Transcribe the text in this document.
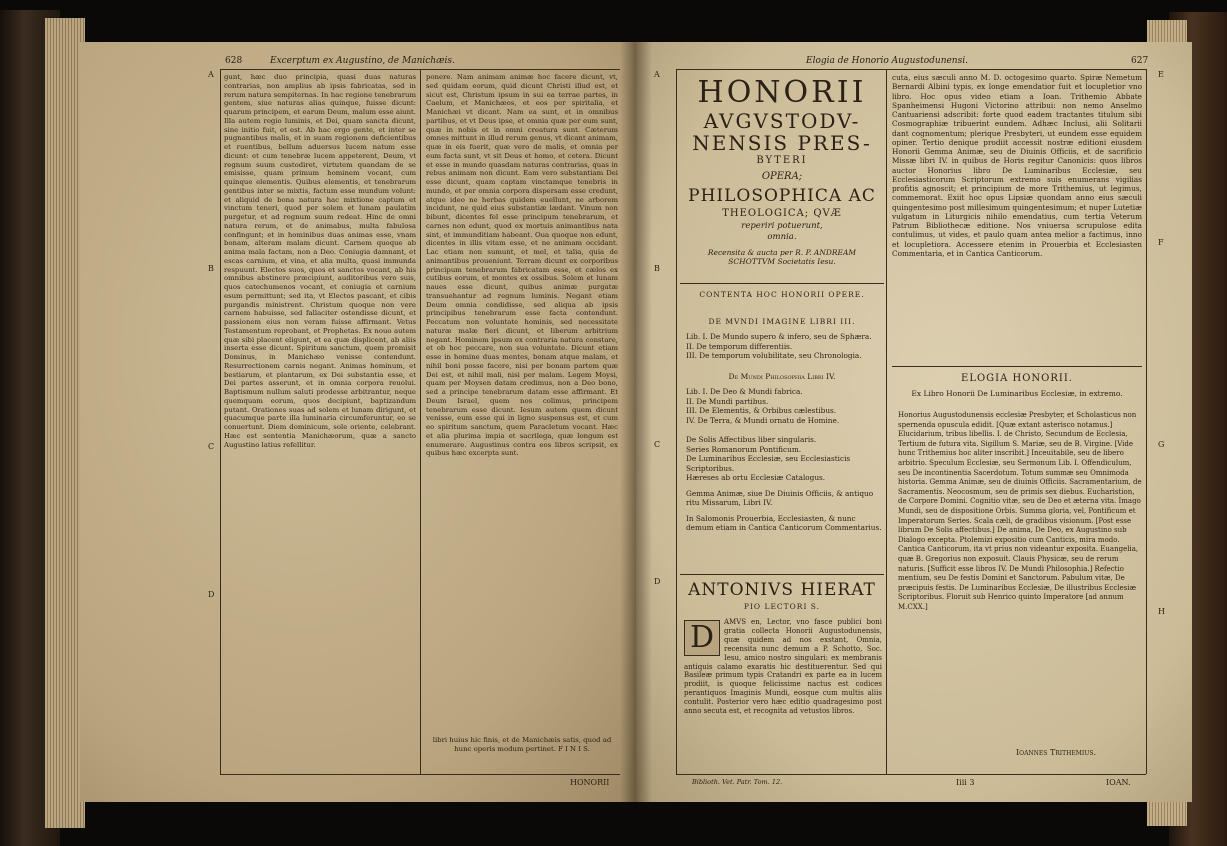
628	Excerptum ex Augustino, de Manichæis.
A
B
C
D

gunt, hæc duo principia, quasi duas naturas contrarias, non amplius ab ipsis fabricatas, sed in rerum natura sempiternas. In hac regione tenebrarum gentem, siue naturas alias quinque, fuisse dicunt: quarum principem, et earum Deum, malum esse aiunt. Illa autem regio luminis, et Dei, quam sancta dicunt, sine initio fuit, et est. Ab hac ergo gente, et inter se pugnantibus malis, et in suam regionem deficientibus et ruentibus, bellum aduersus lucem natum esse dicunt: et cum tenebræ lucem appeterent, Deum, vt regnum suum custodiret, virtutem quandam de se emisisse, quam primum hominem vocant, cum quinque elementis. Quibus elementis, et tenebrarum gentibus inter se mixtis, factum esse mundum volunt: et aliquid de bona natura hac mixtione captum et vinctum teneri, quod per solem et lunam paulatim purgetur, et ad regnum suum redeat. Hinc de omni natura rerum, et de animabus, multa fabulosa confingunt; et in hominibus duas animas esse, vnam bonam, alteram malam dicunt. Carnem quoque ab anima mala factam, non a Deo. Coniugia damnant, et escas carnium, et vina, et alia multa, quasi immunda respuunt. Electos suos, quos et sanctos vocant, ab his omnibus abstinere præcipiunt, auditoribus vero suis, quos catechumenos vocant, et coniugia et carnium esum permittunt; sed ita, vt Electos pascant, et cibis purgandis ministrent. Christum quoque non vere carnem habuisse, sed fallaciter ostendisse dicunt, et passionem eius non veram fuisse affirmant. Vetus Testamentum reprobant, et Prophetas. Ex nouo autem quæ sibi placent eligunt, et ea quæ displicent, ab aliis inserta esse dicunt. Spiritum sanctum, quem promisit Dominus, in Manichæo venisse contendunt. Resurrectionem carnis negant. Animas hominum, et bestiarum, et plantarum, ex Dei substantia esse, et Dei partes asserunt, et in omnia corpora reuolui. Baptismum nullum saluti prodesse arbitrantur, neque quemquam eorum, quos decipiunt, baptizandum putant. Orationes suas ad solem et lunam dirigunt, et quacumque parte illa luminaria circumferuntur, eo se conuertunt. Diem dominicum, sole oriente, celebrant. Hæc est sententia Manichæorum, quæ a sancto Augustino latius refellitur.

ponere. Nam animam animæ hoc facere dicunt, vt, sed quidam eorum, quid dicunt Christi illud est, et sicut est, Christum ipsum in sui ea terrae partes, in Caelum, et Manichæos, et eos per spiritalia, et Manichæi vt dicant. Nam ea sunt, et in omnibus partibus, et vt Deus ipse, et omnia quæ per eum sunt, quæ in nobis et in omni creatura sunt. Cæterum omnes mittunt in illud rerum genus, vt dicant animam, quæ in eis fuerit, quæ vero de malis, et omnia per eum facta sunt, vt sit Deus et homo, et cetera. Dicunt et esse in mundo quasdam naturas contrarias, quas in rebus animam non dicunt. Eam vero substantiam Dei esse dicunt, quam captam vinctamque tenebris in mundo, et per omnia corpora dispersam esse credunt, atque ideo ne herbas quidem euellunt, ne arborem incidunt, ne quid eius substantiæ lædant. Vinum non bibunt, dicentes fel esse principum tenebrarum, et carnes non edunt, quod ex mortuis animantibus nata sint, et immunditiam habeant. Oua quoque non edunt, dicentes in illis vitam esse, et ne animam occidant. Lac etiam non sumunt, et mel, et talia, quia de animantibus proueniunt. Terram dicunt ex corporibus principum tenebrarum fabricatam esse, et cælos ex cutibus eorum, et montes ex ossibus. Solem et lunam naues esse dicunt, quibus animæ purgatæ transuehantur ad regnum luminis. Negant etiam Deum omnia condidisse, sed aliqua ab ipsis principibus tenebrarum esse facta contendunt. Peccatum non voluntate hominis, sed necessitate naturæ malæ fieri dicunt, et liberum arbitrium negant. Hominem ipsum ex contraria natura constare, et ob hoc peccare, non sua voluntate. Dicunt etiam esse in homine duas mentes, bonam atque malam, et nihil boni posse facere, nisi per bonam partem quæ Dei est, et nihil mali, nisi per malam. Legem Moysi, quam per Moysen datam credimus, non a Deo bono, sed a principe tenebrarum datam esse affirmant. Et Deum Israel, quem nos colimus, principem tenebrarum esse dicunt. Iesum autem quem dicunt venisse, eum esse qui in ligno suspensus est, et cum eo spiritum sanctum, quem Paracletum vocant. Hæc et alia plurima impia et sacrilega, quæ longum est enumerare. Augustinus contra eos libros scripsit, ex quibus hæc excerpta sunt.

libri huius hic finis, et de Manichæis satis, quod ad hunc operis modum pertinet. F I N I S.

HONORII
Elogia de Honorio Augustodunensi.	627
A
B
C
D
E
F
G
H
HONORII
AVGVSTODV-
NENSIS PRES-
BYTERI
OPERA;
PHILOSOPHICA AC
THEOLOGICA; QVÆ
reperiri potuerunt,
omnia.
Recensita & aucta per R. P. ANDREAM SCHOTTVM Societatis Iesu.
CONTENTA HOC HONORII OPERE.
DE MVNDI IMAGINE LIBRI III.
Lib. I. De Mundo supero & infero, seu de Sphæra.
II. De temporum differentiis.
III. De temporum volubilitate, seu Chronologia.
De Mundi Philosophia Libri IV.
Lib. I. De Deo & Mundi fabrica.
II. De Mundi partibus.
III. De Elementis, & Orbibus cælestibus.
IV. De Terra, & Mundi ornatu de Homine.
De Solis Affectibus liber singularis.
Series Romanorum Pontificum.
De Luminaribus Ecclesiæ, seu Ecclesiasticis Scriptoribus.
Hæreses ab ortu Ecclesiæ Catalogus.
Gemma Animæ, siue De Diuinis Officiis, & antiquo ritu Missarum, Libri IV.
In Salomonis Prouerbia, Ecclesiasten, & nunc demum etiam in Cantica Canticorum Commentarius.
ANTONIVS HIERAT
PIO LECTORI S.
D	AMVS en, Lector, vno fasce publici boni gratia collecta Honorii Augustodunensis, quæ quidem ad nos exstant, Omnia, recensita nunc demum a P. Schotto, Soc. Iesu, amico nostro singulari: ex membranis antiquis calamo exaratis hic destituerentur. Sed qui Basileæ primum typis Cratandri ex parte ea in lucem prodiit, is quoque felicissime nactus est codices perantiquos Imaginis Mundi, eosque cum multis aliis contulit. Posterior vero hæc editio quadragesimo post anno secuta est, et recognita ad vetustos libros.

cuta, eius sæculi anno M. D. octogesimo quarto. Spiræ Nemetum Bernardi Albini typis, ex longe emendatior fuit et locupletior vno libro. Hoc opus video etiam a Ioan. Trithemio Abbate Spanheimensi Hugoni Victorino attribui: non nemo Anselmo Cantuariensi adscribit: forte quod eadem tractantes titulum sibi Cosmographiæ tribuerint eundem. Adhæc Inclusi, alii Solitarii dant cognomentum; plerique Presbyteri, ut eundem esse equidem opiner. Tertio denique prodiit accessit nostræ editioni eiusdem Honorii Gemma Animæ, seu de Diuinis Officiis, et de sacrificio Missæ libri IV. in quibus de Horis regitur Canonicis: quos libros auctor Honorius libro De Luminaribus Ecclesiæ, seu Ecclesiasticorum Scriptorum extremo suis enumerans vigilias profitis agnoscit; et principium de more Trithemius, ut legimus, commemorat. Exiit hoc opus Lipsiæ quondam anno eius sæculi quingentesimo post millesimum quingentesimum; et nuper Lutetiæ vulgatum in Liturgicis nihilo emendatius, cum tertia Veterum Patrum Bibliothecæ editione. Nos vniuersa scrupulose edita contulimus, ut vides, et paulo quam antea melior a factimus, inno et locupletiora. Accessere etenim in Prouerbia et Ecclesiasten Commentaria, et in Cantica Canticorum.

ELOGIA HONORII.
Ex Libro Honorii De Luminaribus Ecclesiæ, in extremo.

Honorius Augustodunensis ecclesiæ Presbyter, et Scholasticus non spernenda opuscula edidit. [Quæ extant asterisco notamus.] Elucidarium, tribus libellis. I. de Christo, Secundum de Ecclesia, Tertium de futura vita. Sigillum S. Mariæ, seu de B. Virgine. [Vide hunc Trithemius hoc aliter inscribit.] Inceuitabile, seu de libero arbitrio. Speculum Ecclesiæ, seu Sermonum Lib. I. Offendiculum, seu De incontinentia Sacerdotum. Totum summæ seu Omnimoda historia. Gemma Animæ, seu de diuinis Officiis. Sacramentarium, de Sacramentis. Neocosmum, seu de primis sex diebus. Eucharistion, de Corpore Domini. Cognitio vitæ, seu de Deo et æterna vita. Imago Mundi, seu de dispositione Orbis. Summa gloria, vel, Pontificum et Imperatorum Series. Scala cæli, de gradibus visionum. [Post esse librum De Solis affectibus.] De anima, De Deo, ex Augustino sub Dialogo excepta. Ptolemizi expositio cum Canticis, mira modo. Cantica Canticorum, ita vt prius non videantur exposita. Euangelia, quæ B. Gregorius non exposuit. Clauis Physicæ, seu de rerum naturis. [Sufficit esse libros IV. De Mundi Philosophia.] Refectio mentium, seu De festis Domini et Sanctorum. Pabulum vitæ, De præcipuis festis. De Luminaribus Ecclesiæ, De illustribus Ecclesiæ Scriptoribus. Floruit sub Henrico quinto Imperatore [ad annum M.CXX.]

Ioannes Trithemius.
Biblioth. Vet. Patr. Tom. 12.	Iiii 3	IOAN.
